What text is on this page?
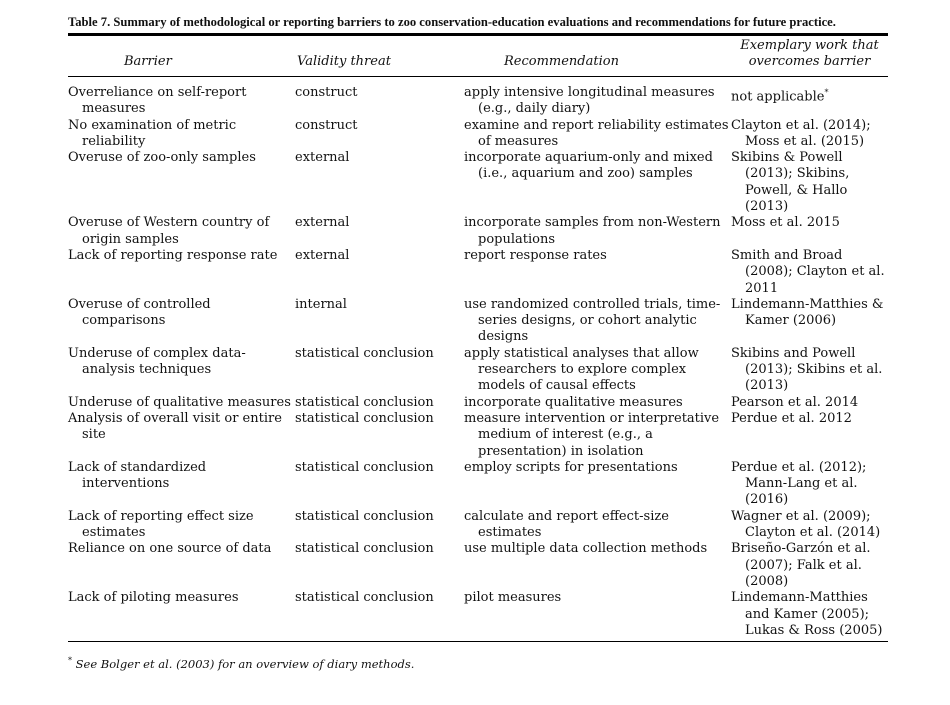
Table 7. Summary of methodological or reporting barriers to zoo conservation-education evaluations and recommendations for future practice.
Barrier	Validity threat	Recommendation	Exemplary work that
overcomes barrier

Overreliance on self-report measures	construct	apply intensive longitudinal measures (e.g., daily diary)	not applicable*

No examination of metric reliability	construct	examine and report reliability estimates of measures	Clayton et al. (2014); Moss et al. (2015)

Overuse of zoo-only samples	external	incorporate aquarium-only and mixed (i.e., aquarium and zoo) samples	Skibins & Powell (2013); Skibins, Powell, & Hallo (2013)

Overuse of Western country of origin samples	external	incorporate samples from non-Western populations	Moss et al. 2015

Lack of reporting response rate	external	report response rates	Smith and Broad (2008); Clayton et al. 2011

Overuse of controlled comparisons	internal	use randomized controlled trials, time-series designs, or cohort analytic designs	Lindemann-Matthies & Kamer (2006)

Underuse of complex data-analysis techniques	statistical conclusion	apply statistical analyses that allow researchers to explore complex models of causal effects	Skibins and Powell (2013); Skibins et al. (2013)

Underuse of qualitative measures	statistical conclusion	incorporate qualitative measures	Pearson et al. 2014

Analysis of overall visit or entire site	statistical conclusion	measure intervention or interpretative medium of interest (e.g., a presentation) in isolation	Perdue et al. 2012

Lack of standardized interventions	statistical conclusion	employ scripts for presentations	Perdue et al. (2012); Mann-Lang et al. (2016)

Lack of reporting effect size estimates	statistical conclusion	calculate and report effect-size estimates	Wagner et al. (2009); Clayton et al. (2014)

Reliance on one source of data	statistical conclusion	use multiple data collection methods	Briseño-Garzón et al. (2007); Falk et al. (2008)

Lack of piloting measures	statistical conclusion	pilot measures	Lindemann-Matthies and Kamer (2005); Lukas & Ross (2005)
* See Bolger et al. (2003) for an overview of diary methods.
